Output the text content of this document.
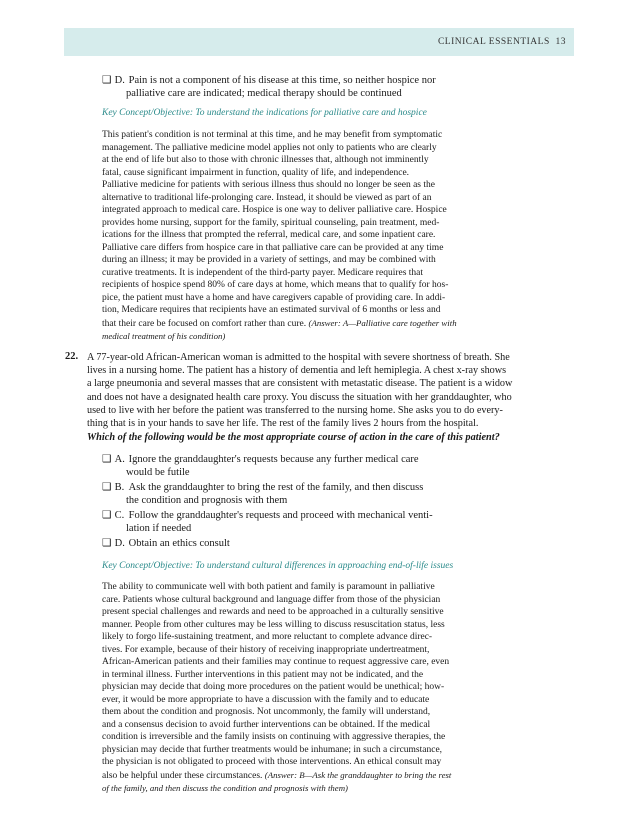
CLINICAL ESSENTIALS 13
❑ D. Pain is not a component of his disease at this time, so neither hospice nor
palliative care are indicated; medical therapy should be continued
Key Concept/Objective: To understand the indications for palliative care and hospice
This patient's condition is not terminal at this time, and he may benefit from symptomatic
management. The palliative medicine model applies not only to patients who are clearly
at the end of life but also to those with chronic illnesses that, although not imminently
fatal, cause significant impairment in function, quality of life, and independence.
Palliative medicine for patients with serious illness thus should no longer be seen as the
alternative to traditional life-prolonging care. Instead, it should be viewed as part of an
integrated approach to medical care. Hospice is one way to deliver palliative care. Hospice
provides home nursing, support for the family, spiritual counseling, pain treatment, med-
ications for the illness that prompted the referral, medical care, and some inpatient care.
Palliative care differs from hospice care in that palliative care can be provided at any time
during an illness; it may be provided in a variety of settings, and may be combined with
curative treatments. It is independent of the third-party payer. Medicare requires that
recipients of hospice spend 80% of care days at home, which means that to qualify for hos-
pice, the patient must have a home and have caregivers capable of providing care. In addi-
tion, Medicare requires that recipients have an estimated survival of 6 months or less and
that their care be focused on comfort rather than cure. (Answer: A—Palliative care together with
medical treatment of his condition)
22. A 77-year-old African-American woman is admitted to the hospital with severe shortness of breath. She
lives in a nursing home. The patient has a history of dementia and left hemiplegia. A chest x-ray shows
a large pneumonia and several masses that are consistent with metastatic disease. The patient is a widow
and does not have a designated health care proxy. You discuss the situation with her granddaughter, who
used to live with her before the patient was transferred to the nursing home. She asks you to do every-
thing that is in your hands to save her life. The rest of the family lives 2 hours from the hospital.
Which of the following would be the most appropriate course of action in the care of this patient?
❑ A. Ignore the granddaughter's requests because any further medical care
would be futile
❑ B. Ask the granddaughter to bring the rest of the family, and then discuss
the condition and prognosis with them
❑ C. Follow the granddaughter's requests and proceed with mechanical venti-
lation if needed
❑ D. Obtain an ethics consult
Key Concept/Objective: To understand cultural differences in approaching end-of-life issues
The ability to communicate well with both patient and family is paramount in palliative
care. Patients whose cultural background and language differ from those of the physician
present special challenges and rewards and need to be approached in a culturally sensitive
manner. People from other cultures may be less willing to discuss resuscitation status, less
likely to forgo life-sustaining treatment, and more reluctant to complete advance direc-
tives. For example, because of their history of receiving inappropriate undertreatment,
African-American patients and their families may continue to request aggressive care, even
in terminal illness. Further interventions in this patient may not be indicated, and the
physician may decide that doing more procedures on the patient would be unethical; how-
ever, it would be more appropriate to have a discussion with the family and to educate
them about the condition and prognosis. Not uncommonly, the family will understand,
and a consensus decision to avoid further interventions can be obtained. If the medical
condition is irreversible and the family insists on continuing with aggressive therapies, the
physician may decide that further treatments would be inhumane; in such a circumstance,
the physician is not obligated to proceed with those interventions. An ethical consult may
also be helpful under these circumstances. (Answer: B—Ask the granddaughter to bring the rest
of the family, and then discuss the condition and prognosis with them)
